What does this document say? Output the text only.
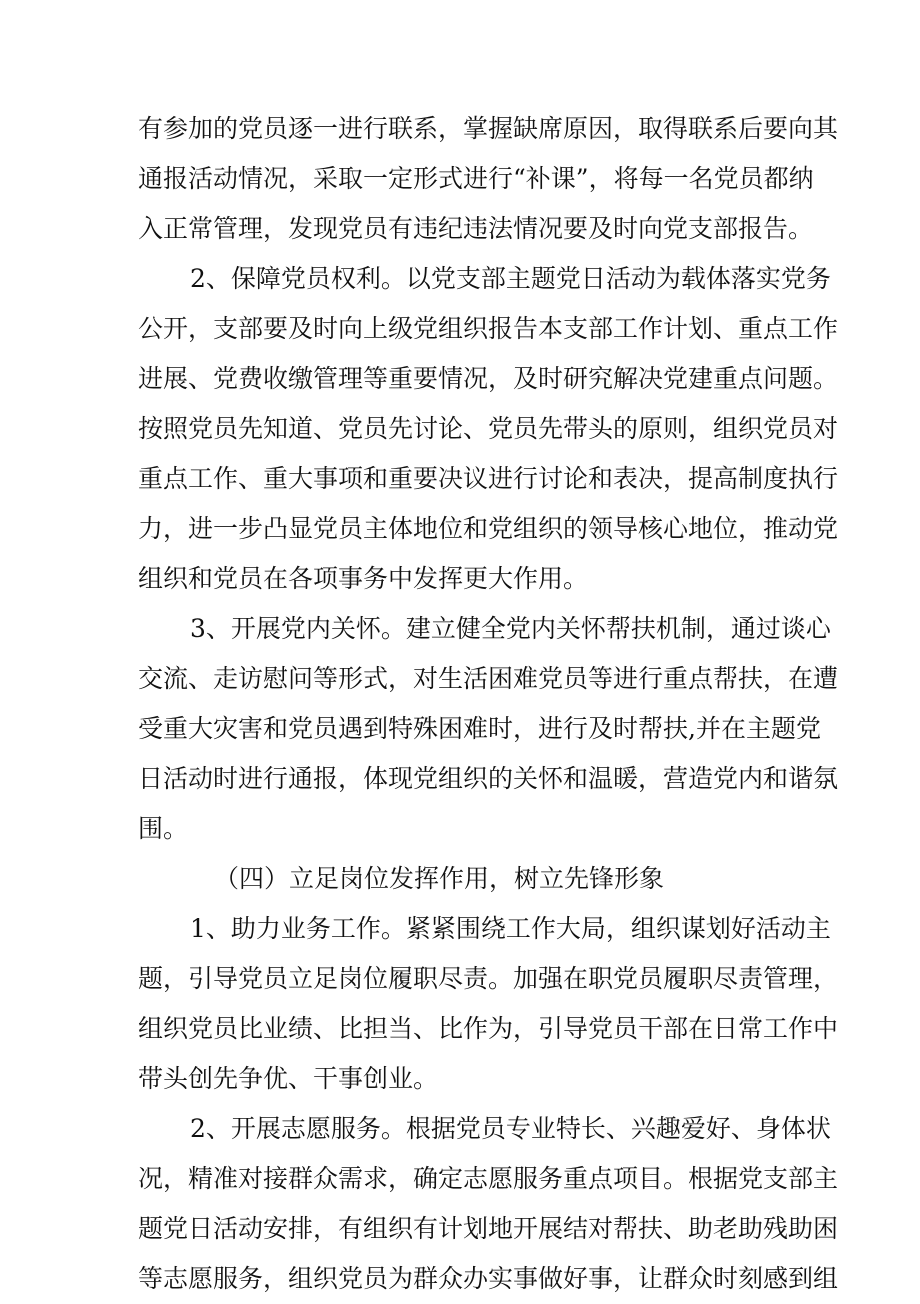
有参加的党员逐一进行联系，掌握缺席原因，取得联系后要向其
通报活动情况，采取一定形式进行“补课”，将每一名党员都纳
入正常管理，发现党员有违纪违法情况要及时向党支部报告。
2、保障党员权利。以党支部主题党日活动为载体落实党务
公开，支部要及时向上级党组织报告本支部工作计划、重点工作
进展、党费收缴管理等重要情况，及时研究解决党建重点问题。
按照党员先知道、党员先讨论、党员先带头的原则，组织党员对
重点工作、重大事项和重要决议进行讨论和表决，提高制度执行
力，进一步凸显党员主体地位和党组织的领导核心地位，推动党
组织和党员在各项事务中发挥更大作用。
3、开展党内关怀。建立健全党内关怀帮扶机制，通过谈心
交流、走访慰问等形式，对生活困难党员等进行重点帮扶，在遭
受重大灾害和党员遇到特殊困难时，进行及时帮扶,并在主题党
日活动时进行通报，体现党组织的关怀和温暖，营造党内和谐氛
围。
（四）立足岗位发挥作用，树立先锋形象
1、助力业务工作。紧紧围绕工作大局，组织谋划好活动主
题，引导党员立足岗位履职尽责。加强在职党员履职尽责管理，
组织党员比业绩、比担当、比作为，引导党员干部在日常工作中
带头创先争优、干事创业。
2、开展志愿服务。根据党员专业特长、兴趣爱好、身体状
况，精准对接群众需求，确定志愿服务重点项目。根据党支部主
题党日活动安排，有组织有计划地开展结对帮扶、助老助残助困
等志愿服务，组织党员为群众办实事做好事，让群众时刻感到组
